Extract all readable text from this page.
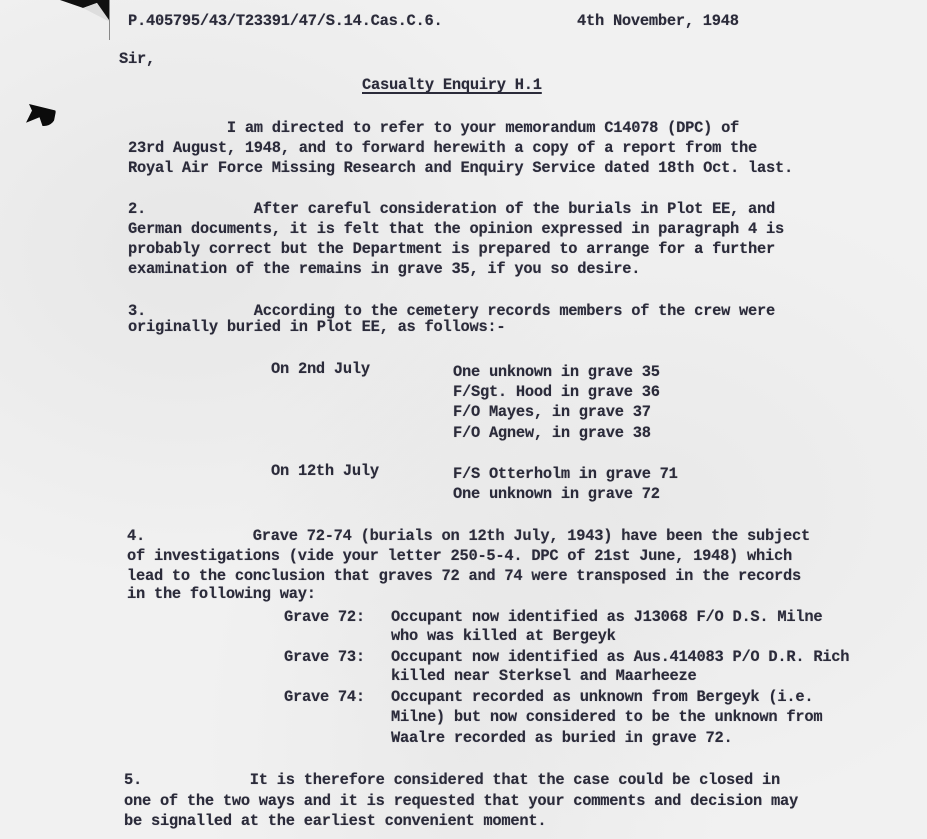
P.405795/43/T23391/47/S.14.Cas.C.6.	4th November, 1948
Sir,
Casualty Enquiry H.1
I am directed to refer to your memorandum C14078 (DPC) of
23rd August, 1948, and to forward herewith a copy of a report from the
Royal Air Force Missing Research and Enquiry Service dated 18th Oct. last.
2.            After careful consideration of the burials in Plot EE, and
German documents, it is felt that the opinion expressed in paragraph 4 is
probably correct but the Department is prepared to arrange for a further
examination of the remains in grave 35, if you so desire.
3.            According to the cemetery records members of the crew were
originally buried in Plot EE, as follows:-
On 2nd July	One unknown in grave 35
F/Sgt. Hood in grave 36
F/O Mayes, in grave 37
F/O Agnew, in grave 38
On 12th July	F/S Otterholm in grave 71
One unknown in grave 72
4.            Grave 72-74 (burials on 12th July, 1943) have been the subject
of investigations (vide your letter 250-5-4. DPC of 21st June, 1948) which
lead to the conclusion that graves 72 and 74 were transposed in the records
in the following way:
Grave 72: Occupant now identified as J13068 F/O D.S. Milne
who was killed at Bergeyk
Grave 73: Occupant now identified as Aus.414083 P/O D.R. Rich
killed near Sterksel and Maarheeze
Grave 74: Occupant recorded as unknown from Bergeyk (i.e.
Milne) but now considered to be the unknown from
Waalre recorded as buried in grave 72.
5.            It is therefore considered that the case could be closed in
one of the two ways and it is requested that your comments and decision may
be signalled at the earliest convenient moment.
